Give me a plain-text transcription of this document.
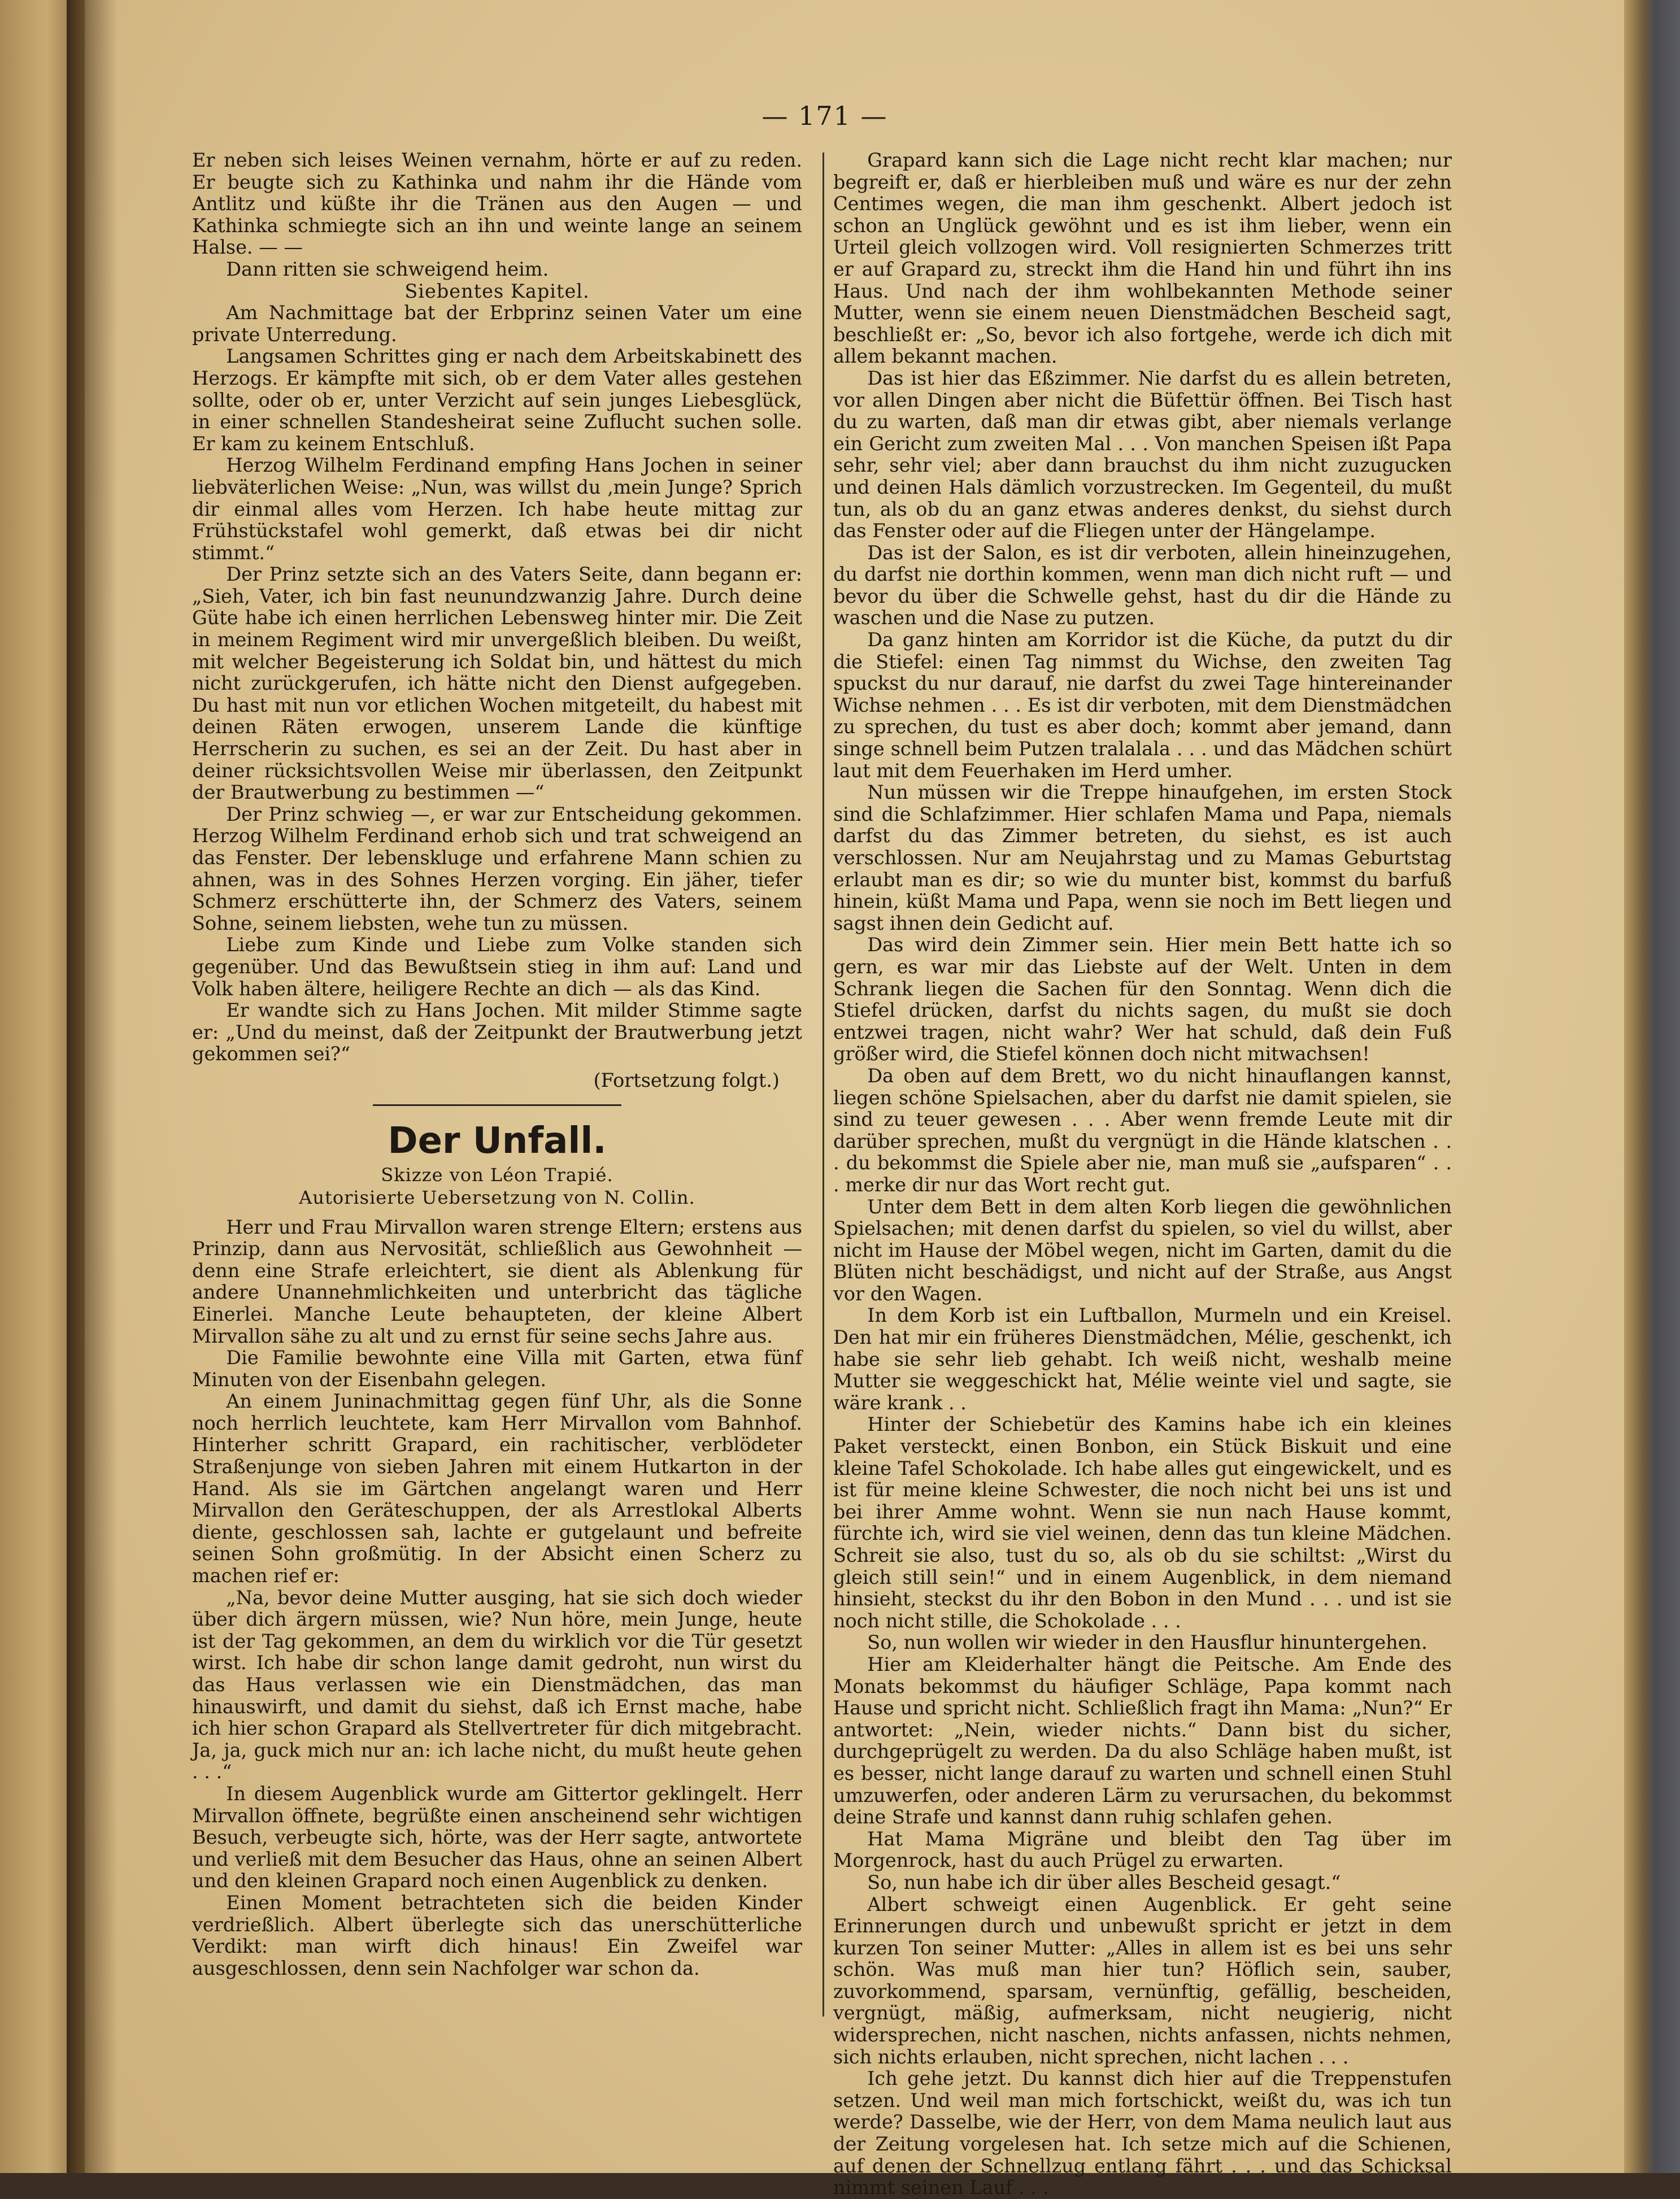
— 171 —

Er neben sich leises Weinen vernahm, hörte er auf zu reden. Er beugte sich zu Kathinka und nahm ihr die Hände vom Antlitz und küßte ihr die Tränen aus den Augen — und Kathinka schmiegte sich an ihn und weinte lange an seinem Halse. — —

Dann ritten sie schweigend heim.

Siebentes Kapitel.

Am Nachmittage bat der Erbprinz seinen Vater um eine private Unterredung.

Langsamen Schrittes ging er nach dem Arbeitskabinett des Herzogs. Er kämpfte mit sich, ob er dem Vater alles gestehen sollte, oder ob er, unter Verzicht auf sein junges Liebesglück, in einer schnellen Standesheirat seine Zuflucht suchen solle. Er kam zu keinem Entschluß.

Herzog Wilhelm Ferdinand empfing Hans Jochen in seiner liebväterlichen Weise: „Nun, was willst du ‚mein Junge? Sprich dir einmal alles vom Herzen. Ich habe heute mittag zur Frühstückstafel wohl gemerkt, daß etwas bei dir nicht stimmt.“

Der Prinz setzte sich an des Vaters Seite, dann begann er: „Sieh, Vater, ich bin fast neunundzwanzig Jahre. Durch deine Güte habe ich einen herrlichen Lebensweg hinter mir. Die Zeit in meinem Regiment wird mir unvergeßlich bleiben. Du weißt, mit welcher Begeisterung ich Soldat bin, und hättest du mich nicht zurückgerufen, ich hätte nicht den Dienst aufgegeben. Du hast mit nun vor etlichen Wochen mitgeteilt, du habest mit deinen Räten erwogen, unserem Lande die künftige Herrscherin zu suchen, es sei an der Zeit. Du hast aber in deiner rücksichtsvollen Weise mir überlassen, den Zeitpunkt der Brautwerbung zu bestimmen —“

Der Prinz schwieg —, er war zur Entscheidung gekommen. Herzog Wilhelm Ferdinand erhob sich und trat schweigend an das Fenster. Der lebenskluge und erfahrene Mann schien zu ahnen, was in des Sohnes Herzen vorging. Ein jäher, tiefer Schmerz erschütterte ihn, der Schmerz des Vaters, seinem Sohne, seinem liebsten, wehe tun zu müssen.

Liebe zum Kinde und Liebe zum Volke standen sich gegenüber. Und das Bewußtsein stieg in ihm auf: Land und Volk haben ältere, heiligere Rechte an dich — als das Kind.

Er wandte sich zu Hans Jochen. Mit milder Stimme sagte er: „Und du meinst, daß der Zeitpunkt der Brautwerbung jetzt gekommen sei?“

(Fortsetzung folgt.)

Der Unfall.
Skizze von Léon Trapié.
Autorisierte Uebersetzung von N. Collin.

Herr und Frau Mirvallon waren strenge Eltern; erstens aus Prinzip, dann aus Nervosität, schließlich aus Gewohnheit — denn eine Strafe erleichtert, sie dient als Ablenkung für andere Unannehmlichkeiten und unterbricht das tägliche Einerlei. Manche Leute behaupteten, der kleine Albert Mirvallon sähe zu alt und zu ernst für seine sechs Jahre aus.

Die Familie bewohnte eine Villa mit Garten, etwa fünf Minuten von der Eisenbahn gelegen.

An einem Juninachmittag gegen fünf Uhr, als die Sonne noch herrlich leuchtete, kam Herr Mirvallon vom Bahnhof. Hinterher schritt Grapard, ein rachitischer, verblödeter Straßenjunge von sieben Jahren mit einem Hutkarton in der Hand. Als sie im Gärtchen angelangt waren und Herr Mirvallon den Geräteschuppen, der als Arrestlokal Alberts diente, geschlossen sah, lachte er gutgelaunt und befreite seinen Sohn großmütig. In der Absicht einen Scherz zu machen rief er:

„Na, bevor deine Mutter ausging, hat sie sich doch wieder über dich ärgern müssen, wie? Nun höre, mein Junge, heute ist der Tag gekommen, an dem du wirklich vor die Tür gesetzt wirst. Ich habe dir schon lange damit gedroht, nun wirst du das Haus verlassen wie ein Dienstmädchen, das man hinauswirft, und damit du siehst, daß ich Ernst mache, habe ich hier schon Grapard als Stellvertreter für dich mitgebracht. Ja, ja, guck mich nur an: ich lache nicht, du mußt heute gehen . . .“

In diesem Augenblick wurde am Gittertor geklingelt. Herr Mirvallon öffnete, begrüßte einen anscheinend sehr wichtigen Besuch, verbeugte sich, hörte, was der Herr sagte, antwortete und verließ mit dem Besucher das Haus, ohne an seinen Albert und den kleinen Grapard noch einen Augenblick zu denken.

Einen Moment betrachteten sich die beiden Kinder verdrießlich. Albert überlegte sich das unerschütterliche Verdikt: man wirft dich hinaus! Ein Zweifel war ausgeschlossen, denn sein Nachfolger war schon da.

Grapard kann sich die Lage nicht recht klar machen; nur begreift er, daß er hierbleiben muß und wäre es nur der zehn Centimes wegen, die man ihm geschenkt. Albert jedoch ist schon an Unglück gewöhnt und es ist ihm lieber, wenn ein Urteil gleich vollzogen wird. Voll resignierten Schmerzes tritt er auf Grapard zu, streckt ihm die Hand hin und führt ihn ins Haus. Und nach der ihm wohlbekannten Methode seiner Mutter, wenn sie einem neuen Dienstmädchen Bescheid sagt, beschließt er: „So, bevor ich also fortgehe, werde ich dich mit allem bekannt machen.

Das ist hier das Eßzimmer. Nie darfst du es allein betreten, vor allen Dingen aber nicht die Büfettür öffnen. Bei Tisch hast du zu warten, daß man dir etwas gibt, aber niemals verlange ein Gericht zum zweiten Mal . . . Von manchen Speisen ißt Papa sehr, sehr viel; aber dann brauchst du ihm nicht zuzugucken und deinen Hals dämlich vorzustrecken. Im Gegenteil, du mußt tun, als ob du an ganz etwas anderes denkst, du siehst durch das Fenster oder auf die Fliegen unter der Hängelampe.

Das ist der Salon, es ist dir verboten, allein hineinzugehen, du darfst nie dorthin kommen, wenn man dich nicht ruft — und bevor du über die Schwelle gehst, hast du dir die Hände zu waschen und die Nase zu putzen.

Da ganz hinten am Korridor ist die Küche, da putzt du dir die Stiefel: einen Tag nimmst du Wichse, den zweiten Tag spuckst du nur darauf, nie darfst du zwei Tage hintereinander Wichse nehmen . . . Es ist dir verboten, mit dem Dienstmädchen zu sprechen, du tust es aber doch; kommt aber jemand, dann singe schnell beim Putzen tralalala . . . und das Mädchen schürt laut mit dem Feuerhaken im Herd umher.

Nun müssen wir die Treppe hinaufgehen, im ersten Stock sind die Schlafzimmer. Hier schlafen Mama und Papa, niemals darfst du das Zimmer betreten, du siehst, es ist auch verschlossen. Nur am Neujahrstag und zu Mamas Geburtstag erlaubt man es dir; so wie du munter bist, kommst du barfuß hinein, küßt Mama und Papa, wenn sie noch im Bett liegen und sagst ihnen dein Gedicht auf.

Das wird dein Zimmer sein. Hier mein Bett hatte ich so gern, es war mir das Liebste auf der Welt. Unten in dem Schrank liegen die Sachen für den Sonntag. Wenn dich die Stiefel drücken, darfst du nichts sagen, du mußt sie doch entzwei tragen, nicht wahr? Wer hat schuld, daß dein Fuß größer wird, die Stiefel können doch nicht mitwachsen!

Da oben auf dem Brett, wo du nicht hinauflangen kannst, liegen schöne Spielsachen, aber du darfst nie damit spielen, sie sind zu teuer gewesen . . . Aber wenn fremde Leute mit dir darüber sprechen, mußt du vergnügt in die Hände klatschen . . . du bekommst die Spiele aber nie, man muß sie „aufsparen“ . . . merke dir nur das Wort recht gut.

Unter dem Bett in dem alten Korb liegen die gewöhnlichen Spielsachen; mit denen darfst du spielen, so viel du willst, aber nicht im Hause der Möbel wegen, nicht im Garten, damit du die Blüten nicht beschädigst, und nicht auf der Straße, aus Angst vor den Wagen.

In dem Korb ist ein Luftballon, Murmeln und ein Kreisel. Den hat mir ein früheres Dienstmädchen, Mélie, geschenkt, ich habe sie sehr lieb gehabt. Ich weiß nicht, weshalb meine Mutter sie weggeschickt hat, Mélie weinte viel und sagte, sie wäre krank . .

Hinter der Schiebetür des Kamins habe ich ein kleines Paket versteckt, einen Bonbon, ein Stück Biskuit und eine kleine Tafel Schokolade. Ich habe alles gut eingewickelt, und es ist für meine kleine Schwester, die noch nicht bei uns ist und bei ihrer Amme wohnt. Wenn sie nun nach Hause kommt, fürchte ich, wird sie viel weinen, denn das tun kleine Mädchen. Schreit sie also, tust du so, als ob du sie schiltst: „Wirst du gleich still sein!“ und in einem Augenblick, in dem niemand hinsieht, steckst du ihr den Bobon in den Mund . . . und ist sie noch nicht stille, die Schokolade . . .

So, nun wollen wir wieder in den Hausflur hinuntergehen.

Hier am Kleiderhalter hängt die Peitsche. Am Ende des Monats bekommst du häufiger Schläge, Papa kommt nach Hause und spricht nicht. Schließlich fragt ihn Mama: „Nun?“ Er antwortet: „Nein, wieder nichts.“ Dann bist du sicher, durchgeprügelt zu werden. Da du also Schläge haben mußt, ist es besser, nicht lange darauf zu warten und schnell einen Stuhl umzuwerfen, oder anderen Lärm zu verursachen, du bekommst deine Strafe und kannst dann ruhig schlafen gehen.

Hat Mama Migräne und bleibt den Tag über im Morgenrock, hast du auch Prügel zu erwarten.

So, nun habe ich dir über alles Bescheid gesagt.“

Albert schweigt einen Augenblick. Er geht seine Erinnerungen durch und unbewußt spricht er jetzt in dem kurzen Ton seiner Mutter: „Alles in allem ist es bei uns sehr schön. Was muß man hier tun? Höflich sein, sauber, zuvorkommend, sparsam, vernünftig, gefällig, bescheiden, vergnügt, mäßig, aufmerksam, nicht neugierig, nicht widersprechen, nicht naschen, nichts anfassen, nichts nehmen, sich nichts erlauben, nicht sprechen, nicht lachen . . .

Ich gehe jetzt. Du kannst dich hier auf die Treppenstufen setzen. Und weil man mich fortschickt, weißt du, was ich tun werde? Dasselbe, wie der Herr, von dem Mama neulich laut aus der Zeitung vorgelesen hat. Ich setze mich auf die Schienen, auf denen der Schnellzug entlang fährt . . . und das Schicksal nimmt seinen Lauf . . .
